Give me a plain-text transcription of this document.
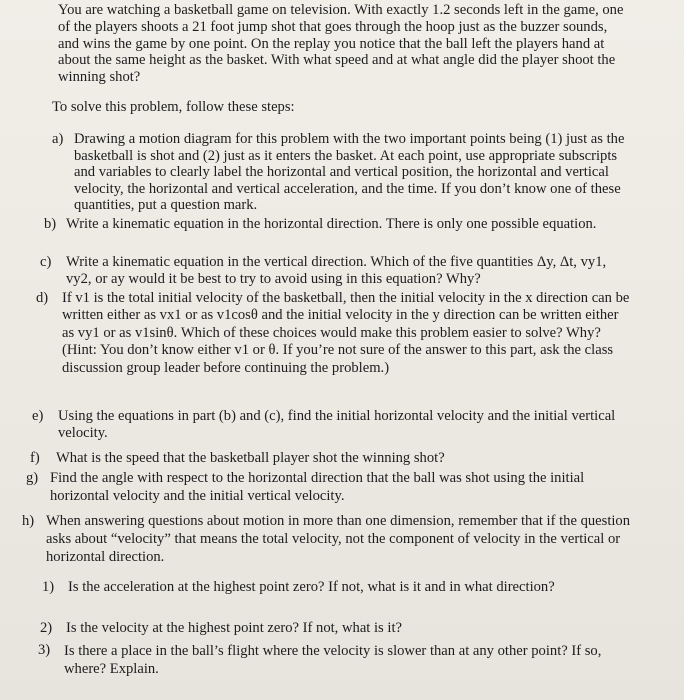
You are watching a basketball game on television. With exactly 1.2 seconds left in the game, one of the players shoots a 21 foot jump shot that goes through the hoop just as the buzzer sounds, and wins the game by one point. On the replay you notice that the ball left the players hand at about the same height as the basket. With what speed and at what angle did the player shoot the winning shot?

To solve this problem, follow these steps:

a) Drawing a motion diagram for this problem with the two important points being (1) just as the basketball is shot and (2) just as it enters the basket. At each point, use appropriate subscripts and variables to clearly label the horizontal and vertical position, the horizontal and vertical velocity, the horizontal and vertical acceleration, and the time. If you don’t know one of these quantities, put a question mark.
b) Write a kinematic equation in the horizontal direction. There is only one possible equation.
c) Write a kinematic equation in the vertical direction. Which of the five quantities Δy, Δt, vy1, vy2, or ay would it be best to try to avoid using in this equation? Why?
d) If v1 is the total initial velocity of the basketball, then the initial velocity in the x direction can be written either as vx1 or as v1cosθ and the initial velocity in the y direction can be written either as vy1 or as v1sinθ. Which of these choices would make this problem easier to solve? Why? (Hint: You don’t know either v1 or θ. If you’re not sure of the answer to this part, ask the class discussion group leader before continuing the problem.)
e) Using the equations in part (b) and (c), find the initial horizontal velocity and the initial vertical velocity.
f) What is the speed that the basketball player shot the winning shot?
g) Find the angle with respect to the horizontal direction that the ball was shot using the initial horizontal velocity and the initial vertical velocity.
h) When answering questions about motion in more than one dimension, remember that if the question asks about “velocity” that means the total velocity, not the component of velocity in the vertical or horizontal direction.
1) Is the acceleration at the highest point zero? If not, what is it and in what direction?
2) Is the velocity at the highest point zero? If not, what is it?
3) Is there a place in the ball’s flight where the velocity is slower than at any other point? If so, where? Explain.
